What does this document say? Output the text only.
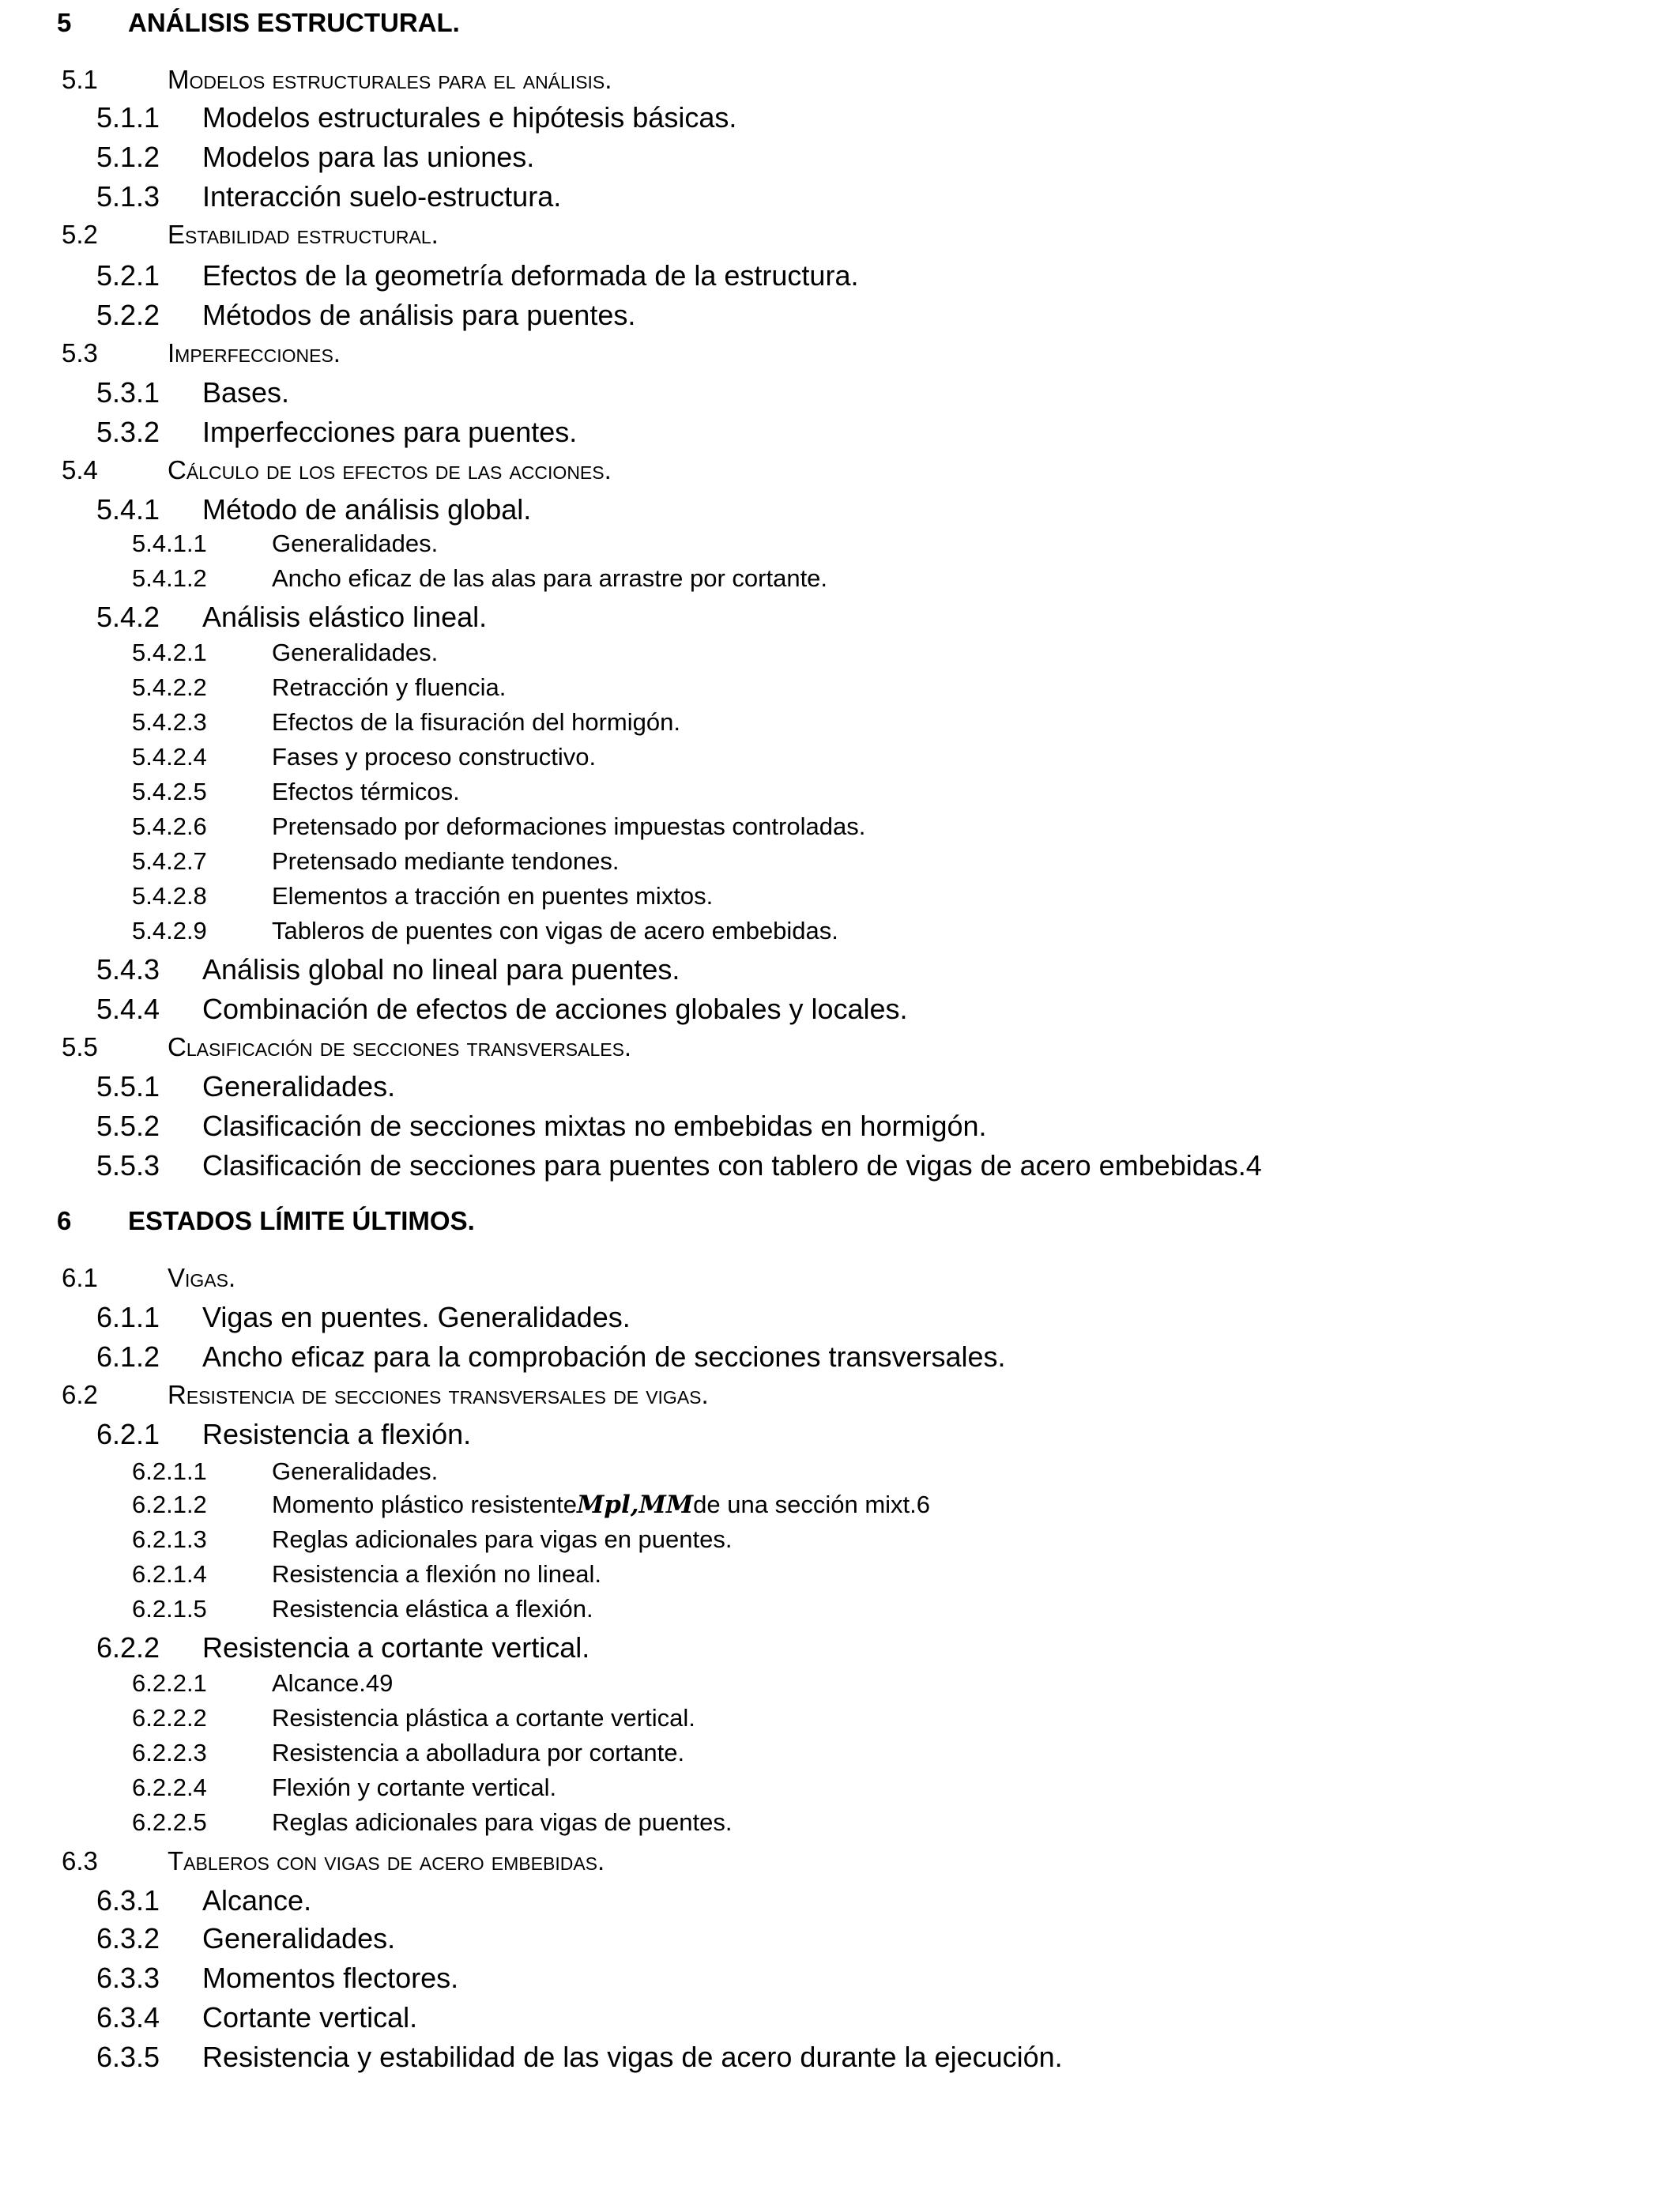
5 ANÁLISIS ESTRUCTURAL.
5.1	Modelos estructurales para el análisis.
5.1.1 Modelos estructurales e hipótesis básicas.
5.1.2 Modelos para las uniones.
5.1.3 Interacción suelo-estructura.
5.2	Estabilidad estructural.
5.2.1 Efectos de la geometría deformada de la estructura.
5.2.2 Métodos de análisis para puentes.
5.3	Imperfecciones.
5.3.1 Bases.
5.3.2 Imperfecciones para puentes.
5.4	Cálculo de los efectos de las acciones.
5.4.1 Método de análisis global.
5.4.1.1	Generalidades.
5.4.1.2	Ancho eficaz de las alas para arrastre por cortante.
5.4.2 Análisis elástico lineal.
5.4.2.1	Generalidades.
5.4.2.2	Retracción y fluencia.
5.4.2.3	Efectos de la fisuración del hormigón.
5.4.2.4	Fases y proceso constructivo.
5.4.2.5	Efectos térmicos.
5.4.2.6	Pretensado por deformaciones impuestas controladas.
5.4.2.7	Pretensado mediante tendones.
5.4.2.8	Elementos a tracción en puentes mixtos.
5.4.2.9	Tableros de puentes con vigas de acero embebidas.
5.4.3 Análisis global no lineal para puentes.
5.4.4 Combinación de efectos de acciones globales y locales.
5.5	Clasificación de secciones transversales.
5.5.1 Generalidades.
5.5.2 Clasificación de secciones mixtas no embebidas en hormigón.
5.5.3 Clasificación de secciones para puentes con tablero de vigas de acero embebidas.4
6 ESTADOS LÍMITE ÚLTIMOS.
6.1	Vigas.
6.1.1 Vigas en puentes. Generalidades.
6.1.2 Ancho eficaz para la comprobación de secciones transversales.
6.2	Resistencia de secciones transversales de vigas.
6.2.1 Resistencia a flexión.
6.2.1.1	Generalidades.
6.2.1.2	Momento plástico resistenteMpl,MMde una sección mixt.6
6.2.1.3	Reglas adicionales para vigas en puentes.
6.2.1.4	Resistencia a flexión no lineal.
6.2.1.5	Resistencia elástica a flexión.
6.2.2 Resistencia a cortante vertical.
6.2.2.1	Alcance.49
6.2.2.2	Resistencia plástica a cortante vertical.
6.2.2.3	Resistencia a abolladura por cortante.
6.2.2.4	Flexión y cortante vertical.
6.2.2.5	Reglas adicionales para vigas de puentes.
6.3	Tableros con vigas de acero embebidas.
6.3.1 Alcance.
6.3.2 Generalidades.
6.3.3 Momentos flectores.
6.3.4 Cortante vertical.
6.3.5 Resistencia y estabilidad de las vigas de acero durante la ejecución.
